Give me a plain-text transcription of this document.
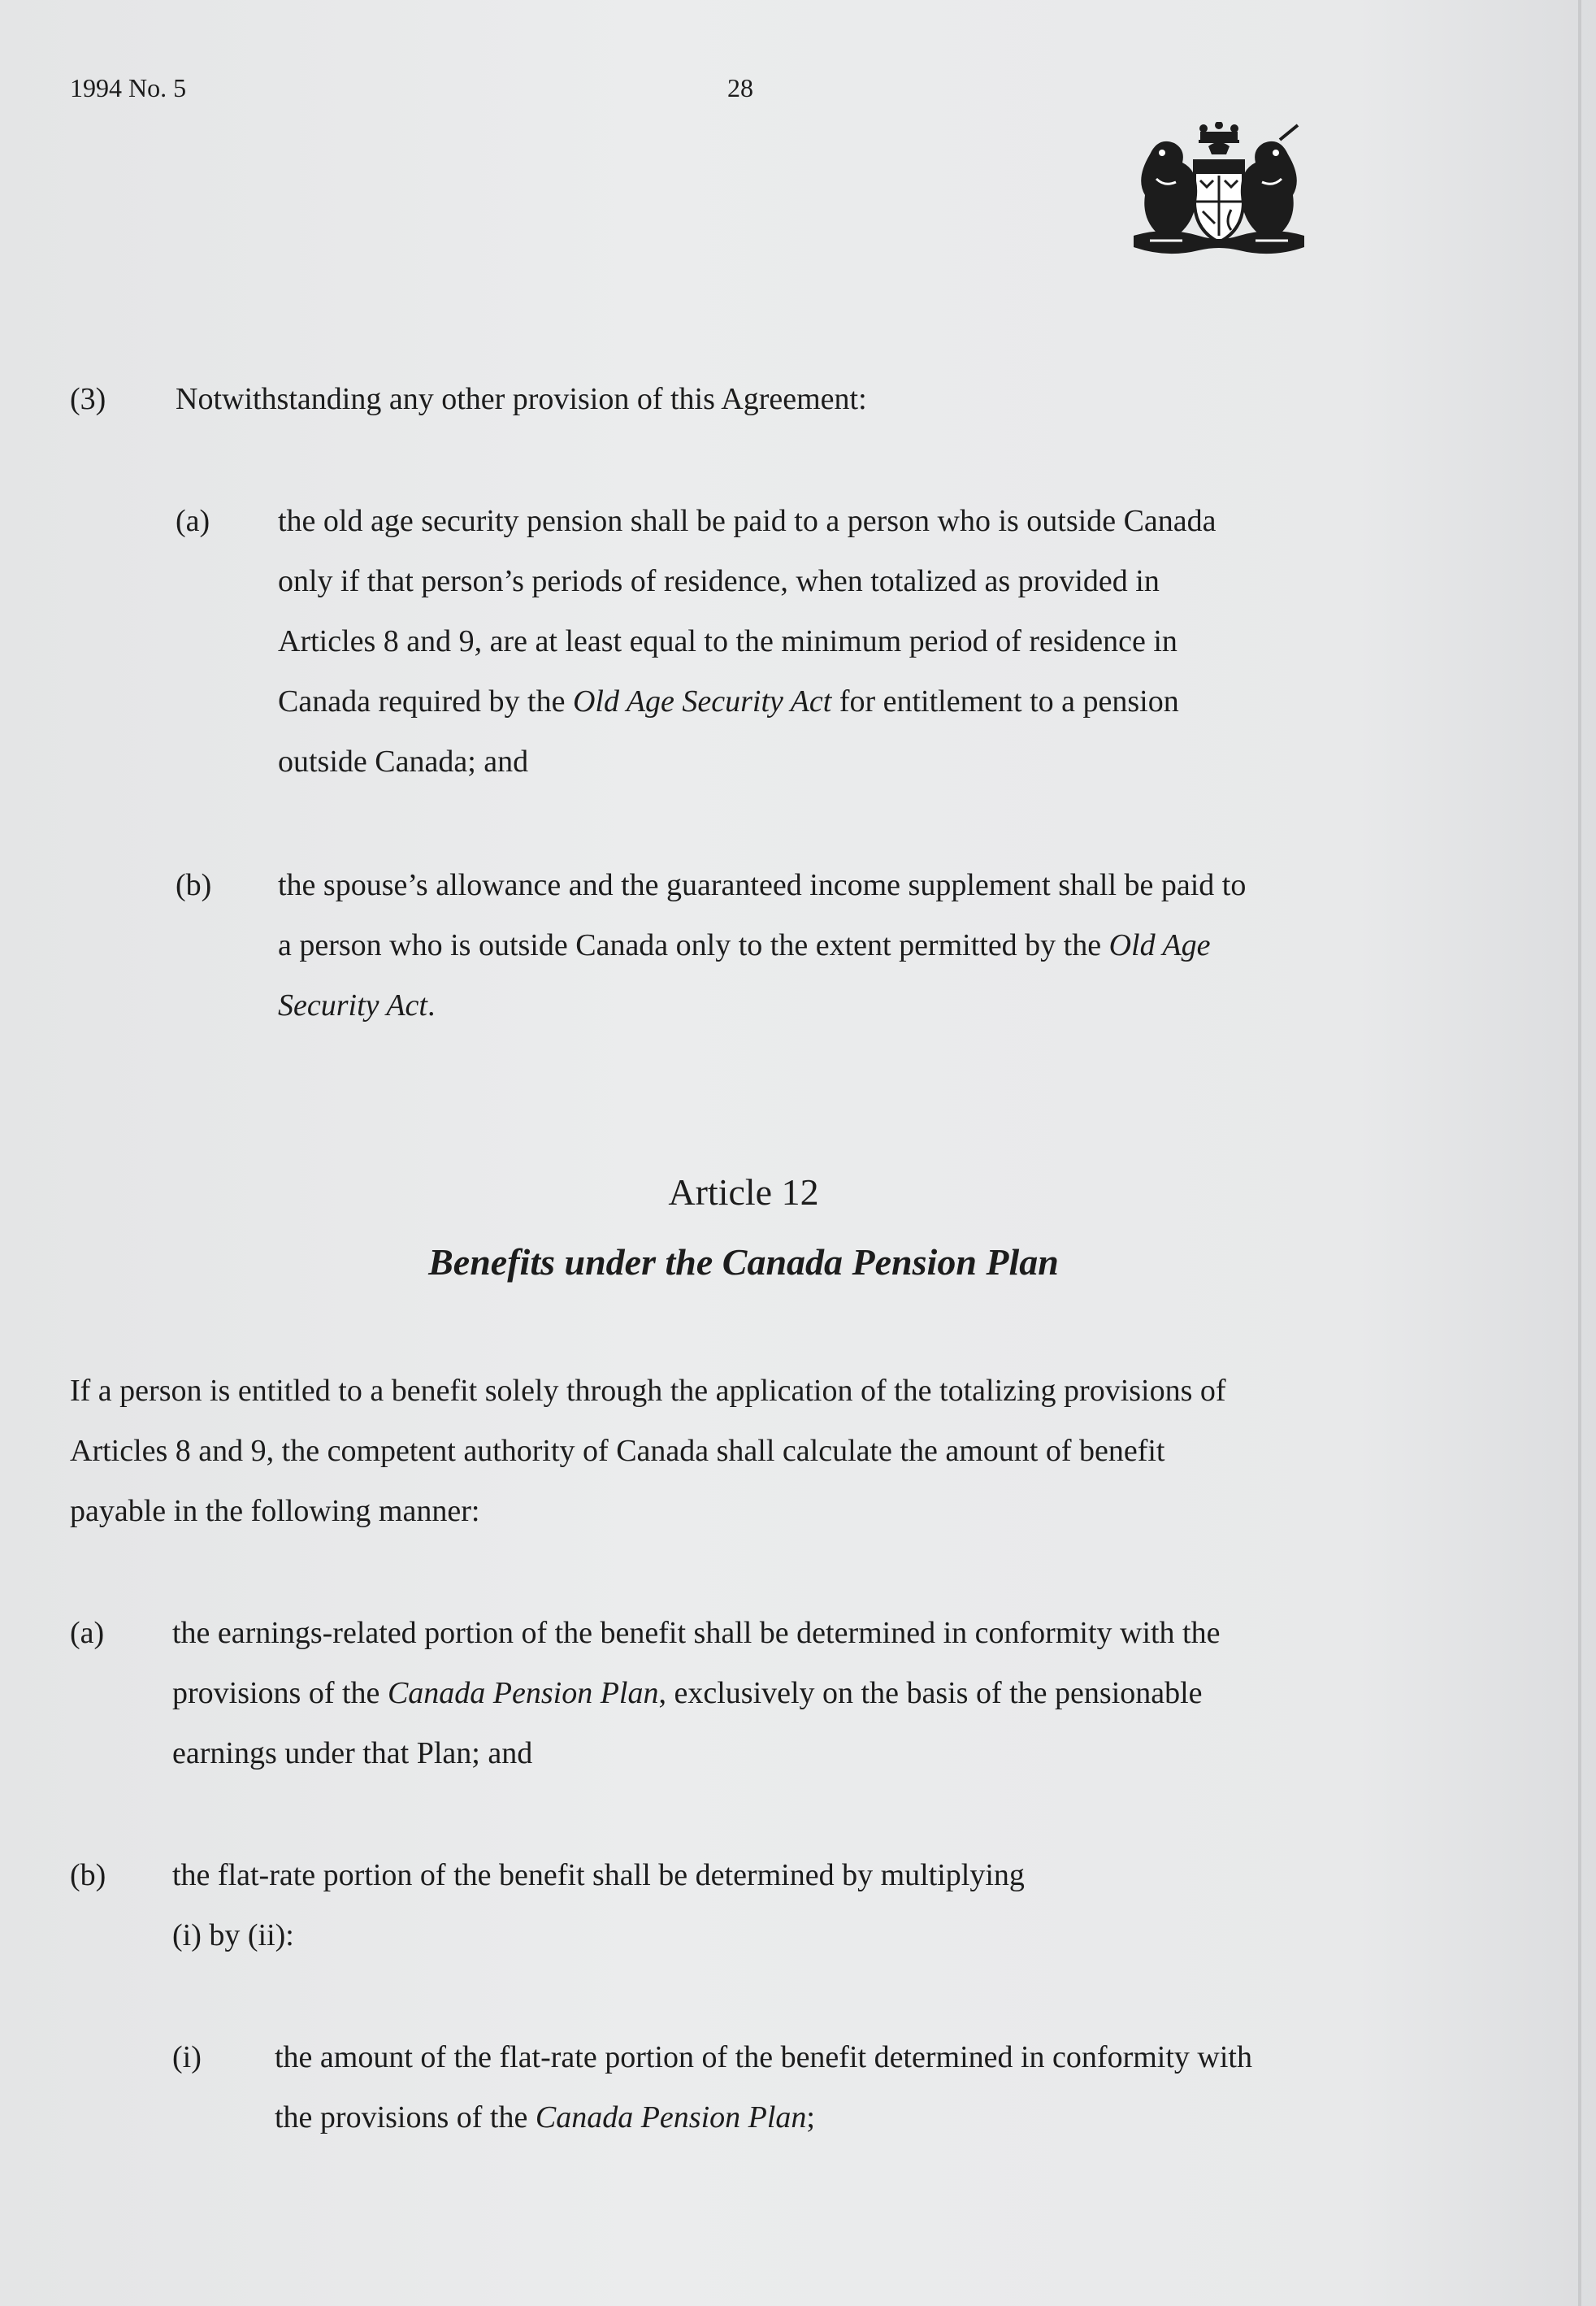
1994 No. 5	28
(3) Notwithstanding any other provision of this Agreement:
(a) the old age security pension shall be paid to a person who is outside Canada
only if that person’s periods of residence, when totalized as provided in
Articles 8 and 9, are at least equal to the minimum period of residence in
Canada required by the Old Age Security Act for entitlement to a pension
outside Canada; and
(b) the spouse’s allowance and the guaranteed income supplement shall be paid to
a person who is outside Canada only to the extent permitted by the Old Age
Security Act.
Article 12
Benefits under the Canada Pension Plan
If a person is entitled to a benefit solely through the application of the totalizing provisions of
Articles 8 and 9, the competent authority of Canada shall calculate the amount of benefit
payable in the following manner:
(a) the earnings-related portion of the benefit shall be determined in conformity with the
provisions of the Canada Pension Plan, exclusively on the basis of the pensionable
earnings under that Plan; and
(b) the flat-rate portion of the benefit shall be determined by multiplying
(i) by (ii):
(i) the amount of the flat-rate portion of the benefit determined in conformity with
the provisions of the Canada Pension Plan;
